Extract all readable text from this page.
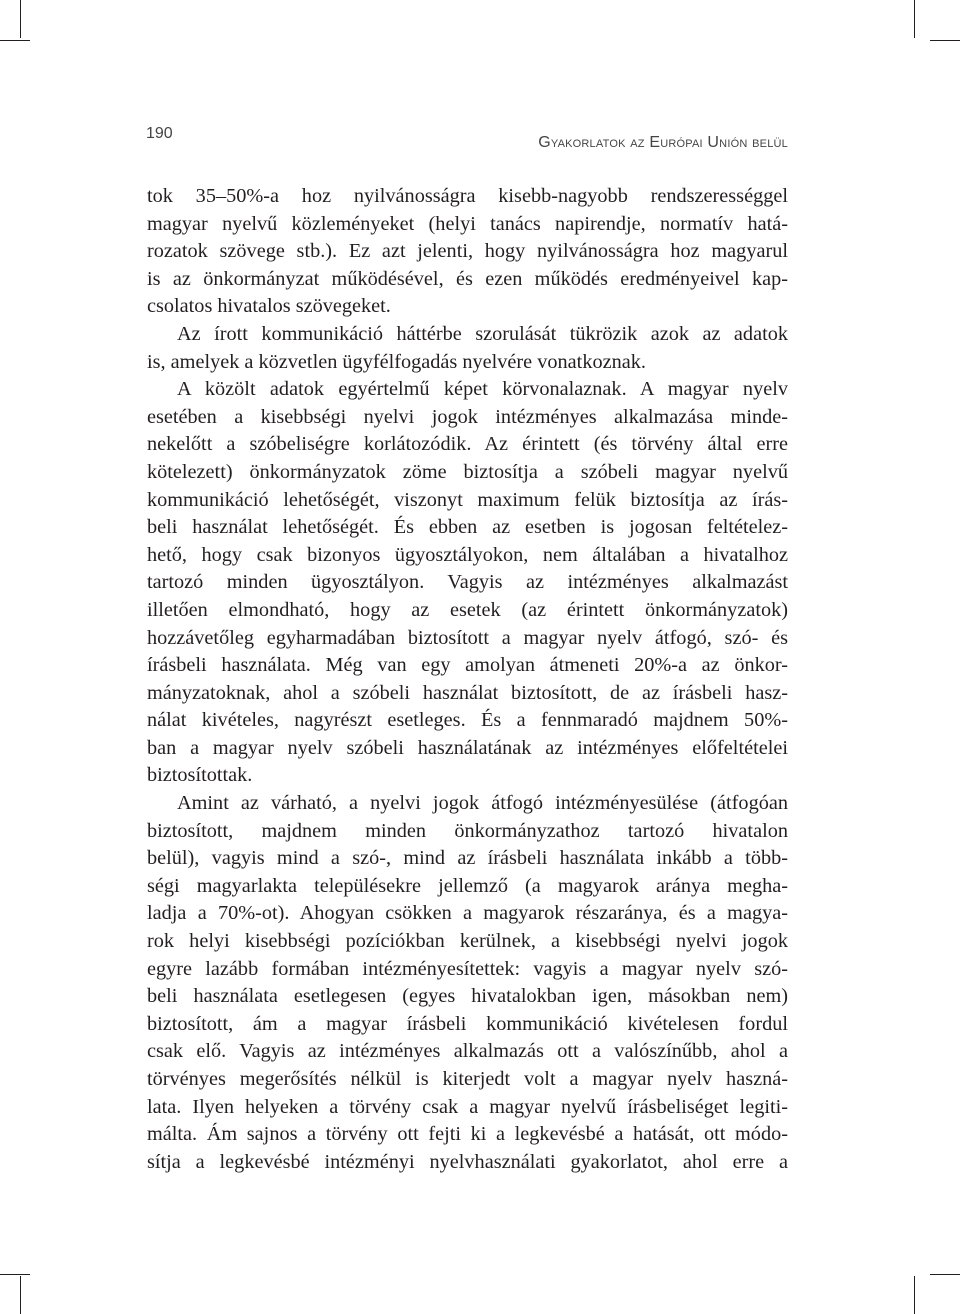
190
Gyakorlatok az Európai Unión belül
tok 35–50%-a hoz nyilvánosságra kisebb-nagyobb rendszerességgel
magyar nyelvű közleményeket (helyi tanács napirendje, normatív hatá-
rozatok szövege stb.). Ez azt jelenti, hogy nyilvánosságra hoz magyarul
is az önkormányzat működésével, és ezen működés eredményeivel kap-
csolatos hivatalos szövegeket.
Az írott kommunikáció háttérbe szorulását tükrözik azok az adatok
is, amelyek a közvetlen ügyfélfogadás nyelvére vonatkoznak.
A közölt adatok egyértelmű képet körvonalaznak. A magyar nyelv
esetében a kisebbségi nyelvi jogok intézményes alkalmazása minde-
nekelőtt a szóbeliségre korlátozódik. Az érintett (és törvény által erre
kötelezett) önkormányzatok zöme biztosítja a szóbeli magyar nyelvű
kommunikáció lehetőségét, viszonyt maximum felük biztosítja az írás-
beli használat lehetőségét. És ebben az esetben is jogosan feltételez-
hető, hogy csak bizonyos ügyosztályokon, nem általában a hivatalhoz
tartozó minden ügyosztályon. Vagyis az intézményes alkalmazást
illetően elmondható, hogy az esetek (az érintett önkormányzatok)
hozzávetőleg egyharmadában biztosított a magyar nyelv átfogó, szó- és
írásbeli használata. Még van egy amolyan átmeneti 20%-a az önkor-
mányzatoknak, ahol a szóbeli használat biztosított, de az írásbeli hasz-
nálat kivételes, nagyrészt esetleges. És a fennmaradó majdnem 50%-
ban a magyar nyelv szóbeli használatának az intézményes előfeltételei
biztosítottak.
Amint az várható, a nyelvi jogok átfogó intézményesülése (átfogóan
biztosított, majdnem minden önkormányzathoz tartozó hivatalon
belül), vagyis mind a szó-, mind az írásbeli használata inkább a több-
ségi magyarlakta településekre jellemző (a magyarok aránya megha-
ladja a 70%-ot). Ahogyan csökken a magyarok részaránya, és a magya-
rok helyi kisebbségi pozíciókban kerülnek, a kisebbségi nyelvi jogok
egyre lazább formában intézményesítettek: vagyis a magyar nyelv szó-
beli használata esetlegesen (egyes hivatalokban igen, másokban nem)
biztosított, ám a magyar írásbeli kommunikáció kivételesen fordul
csak elő. Vagyis az intézményes alkalmazás ott a valószínűbb, ahol a
törvényes megerősítés nélkül is kiterjedt volt a magyar nyelv haszná-
lata. Ilyen helyeken a törvény csak a magyar nyelvű írásbeliséget legiti-
málta. Ám sajnos a törvény ott fejti ki a legkevésbé a hatását, ott módo-
sítja a legkevésbé intézményi nyelvhasználati gyakorlatot, ahol erre a
